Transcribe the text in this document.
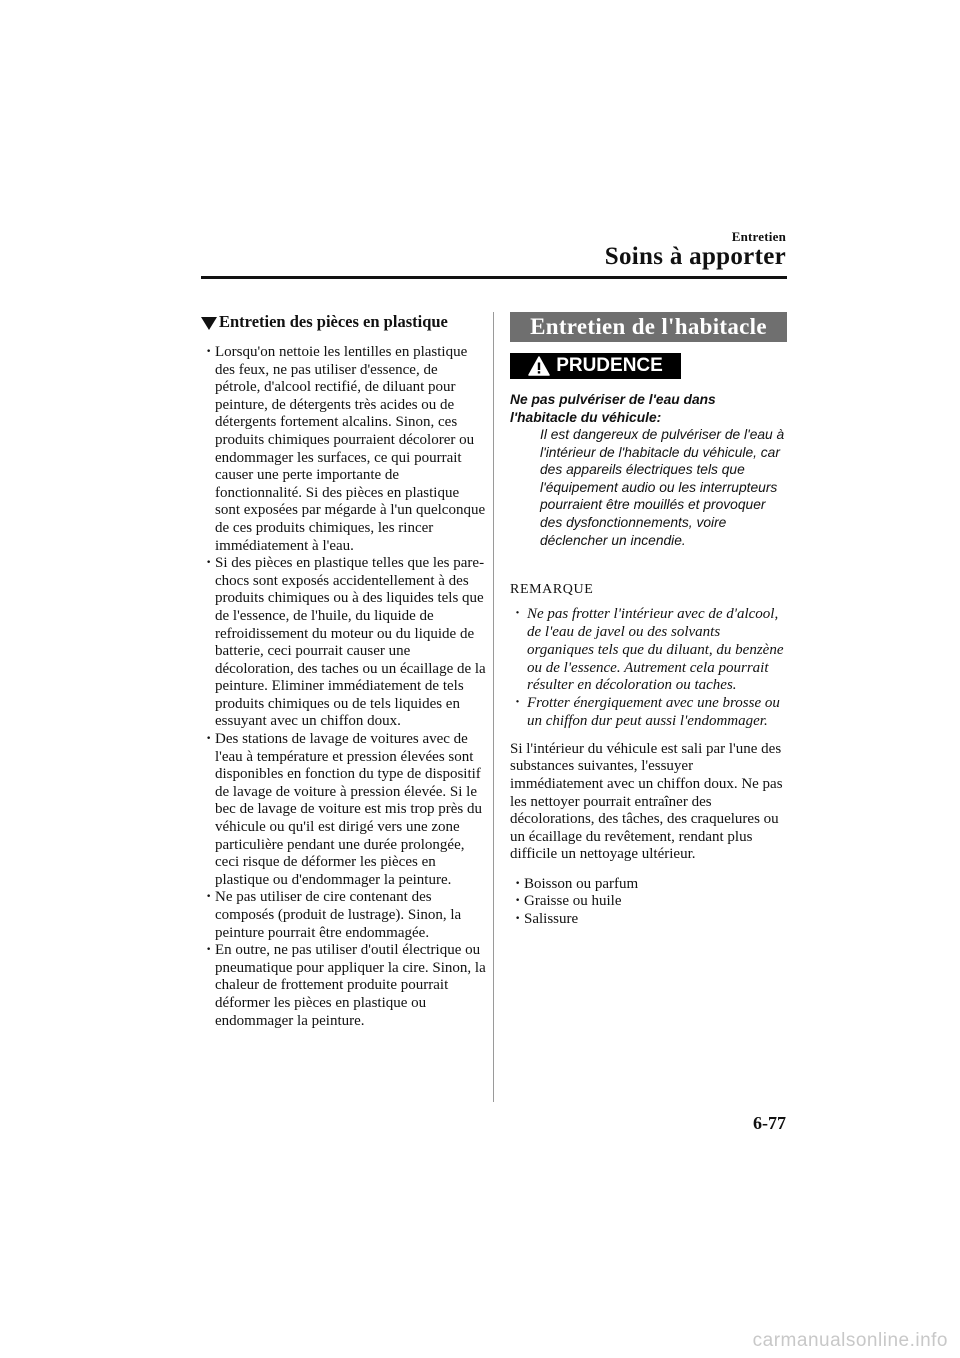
Entretien
Soins à apporter
Entretien des pièces en plastique
· Lorsqu'on nettoie les lentilles en plastique des feux, ne pas utiliser d'essence, de pétrole, d'alcool rectifié, de diluant pour peinture, de détergents très acides ou de détergents fortement alcalins. Sinon, ces produits chimiques pourraient décolorer ou endommager les surfaces, ce qui pourrait causer une perte importante de fonctionnalité. Si des pièces en plastique sont exposées par mégarde à l'un quelconque de ces produits chimiques, les rincer immédiatement à l'eau.
· Si des pièces en plastique telles que les pare-chocs sont exposés accidentellement à des produits chimiques ou à des liquides tels que de l'essence, de l'huile, du liquide de refroidissement du moteur ou du liquide de batterie, ceci pourrait causer une décoloration, des taches ou un écaillage de la peinture. Eliminer immédiatement de tels produits chimiques ou de tels liquides en essuyant avec un chiffon doux.
· Des stations de lavage de voitures avec de l'eau à température et pression élevées sont disponibles en fonction du type de dispositif de lavage de voiture à pression élevée. Si le bec de lavage de voiture est mis trop près du véhicule ou qu'il est dirigé vers une zone particulière pendant une durée prolongée, ceci risque de déformer les pièces en plastique ou d'endommager la peinture.
· Ne pas utiliser de cire contenant des composés (produit de lustrage). Sinon, la peinture pourrait être endommagée.
· En outre, ne pas utiliser d'outil électrique ou pneumatique pour appliquer la cire. Sinon, la chaleur de frottement produite pourrait déformer les pièces en plastique ou endommager la peinture.
Entretien de l'habitacle
PRUDENCE
Ne pas pulvériser de l'eau dans l'habitacle du véhicule:
Il est dangereux de pulvériser de l'eau à l'intérieur de l'habitacle du véhicule, car des appareils électriques tels que l'équipement audio ou les interrupteurs pourraient être mouillés et provoquer des dysfonctionnements, voire déclencher un incendie.
REMARQUE
· Ne pas frotter l'intérieur avec de d'alcool, de l'eau de javel ou des solvants organiques tels que du diluant, du benzène ou de l'essence. Autrement cela pourrait résulter en décoloration ou taches.
· Frotter énergiquement avec une brosse ou un chiffon dur peut aussi l'endommager.
Si l'intérieur du véhicule est sali par l'une des substances suivantes, l'essuyer immédiatement avec un chiffon doux. Ne pas les nettoyer pourrait entraîner des décolorations, des tâches, des craquelures ou un écaillage du revêtement, rendant plus difficile un nettoyage ultérieur.
· Boisson ou parfum
· Graisse ou huile
· Salissure
6-77
carmanualsonline.info
